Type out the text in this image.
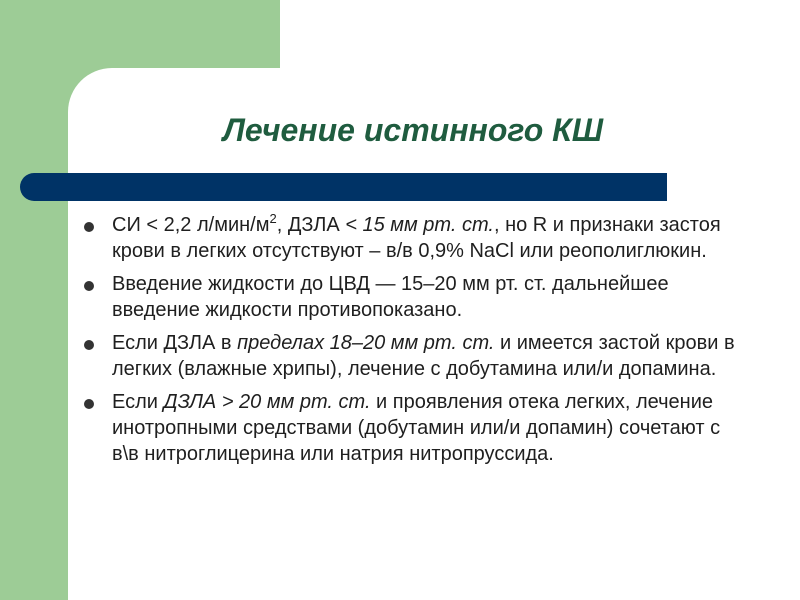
Лечение истинного КШ
СИ < 2,2 $л/мин/м^2$, ДЗЛА < 15 мм рт. ст., но R и признаки застоя крови в легких отсутствуют – в/в 0,9% NaCl или реополиглюкин.
Введение жидкости до ЦВД — 15–20 мм рт. ст. дальнейшее введение жидкости противопоказано.
Если ДЗЛА в пределах 18–20 мм рт. ст. и имеется застой крови в легких (влажные хрипы), лечение с добутамина или/и допамина.
Если ДЗЛА > 20 мм рт. ст. и проявления отека легких, лечение инотропными средствами (добутамин или/и допамин) сочетают с в\в нитроглицерина или натрия нитропруссида.
